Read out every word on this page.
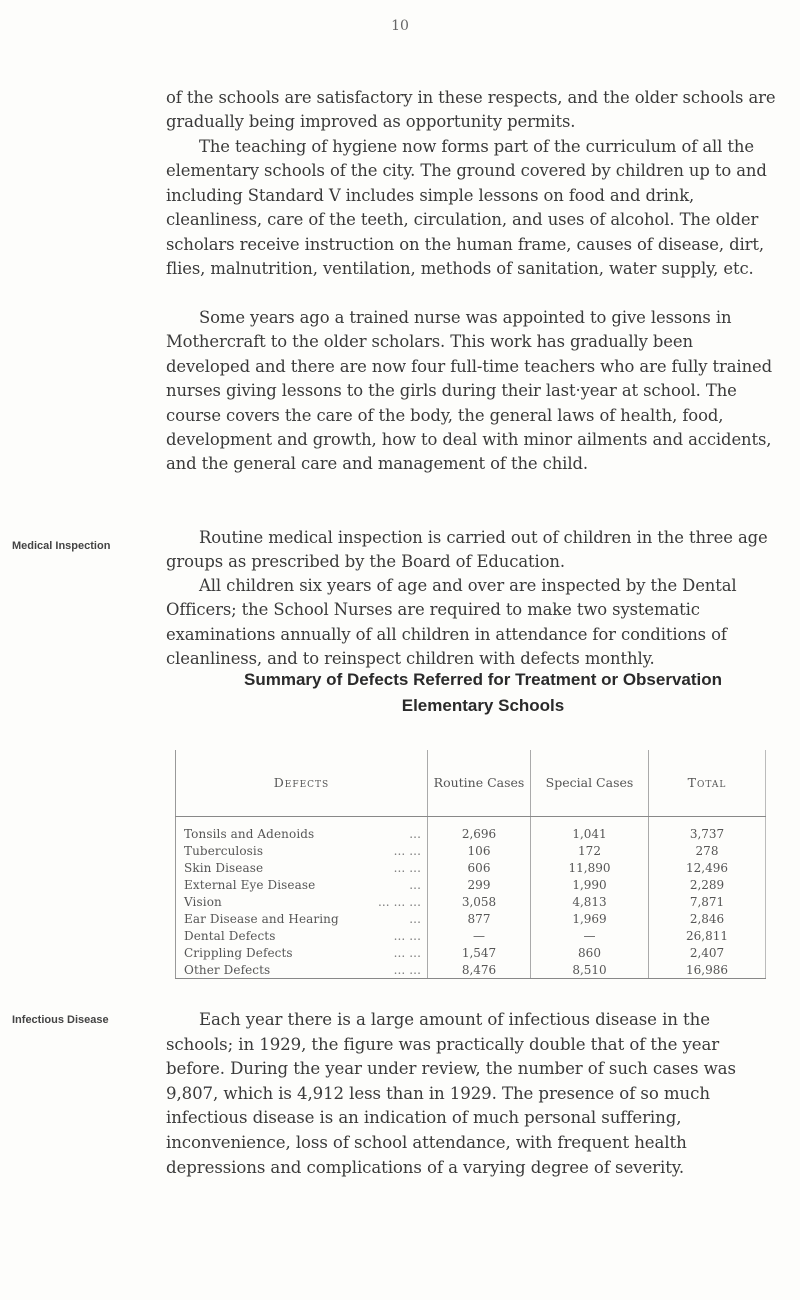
10

of the schools are satisfactory in these respects, and the older schools are gradually being improved as opportunity permits.

The teaching of hygiene now forms part of the curriculum of all the elementary schools of the city. The ground covered by children up to and including Standard V includes simple lessons on food and drink, cleanliness, care of the teeth, circulation, and uses of alcohol. The older scholars receive instruction on the human frame, causes of disease, dirt, flies, malnutrition, ventilation, methods of sanitation, water supply, etc.

Some years ago a trained nurse was appointed to give lessons in Mothercraft to the older scholars. This work has gradually been developed and there are now four full-time teachers who are fully trained nurses giving lessons to the girls during their last·year at school. The course covers the care of the body, the general laws of health, food, development and growth, how to deal with minor ailments and accidents, and the general care and management of the child.

Medical Inspection	Routine medical inspection is carried out of children in the three age groups as prescribed by the Board of Education.

All children six years of age and over are inspected by the Dental Officers; the School Nurses are required to make two systematic examinations annually of all children in attendance for conditions of cleanliness, and to reinspect children with defects monthly.

Summary of Defects Referred for Treatment or Observation
Elementary Schools
Defects	Routine Cases	Special Cases	Total
Tonsils and Adenoids ...	2,696	1,041	3,737
Tuberculosis ... ...	106	172	278
Skin Disease ... ...	606	11,890	12,496
External Eye Disease ...	299	1,990	2,289
Vision ... ... ...	3,058	4,813	7,871
Ear Disease and Hearing ...	877	1,969	2,846
Dental Defects ... ...	—	—	26,811
Crippling Defects ... ...	1,547	860	2,407
Other Defects ... ...	8,476	8,510	16,986
Infectious Disease	Each year there is a large amount of infectious disease in the schools; in 1929, the figure was practically double that of the year before. During the year under review, the number of such cases was 9,807, which is 4,912 less than in 1929. The presence of so much infectious disease is an indication of much personal suffering, inconvenience, loss of school attendance, with frequent health depressions and complications of a varying degree of severity.
